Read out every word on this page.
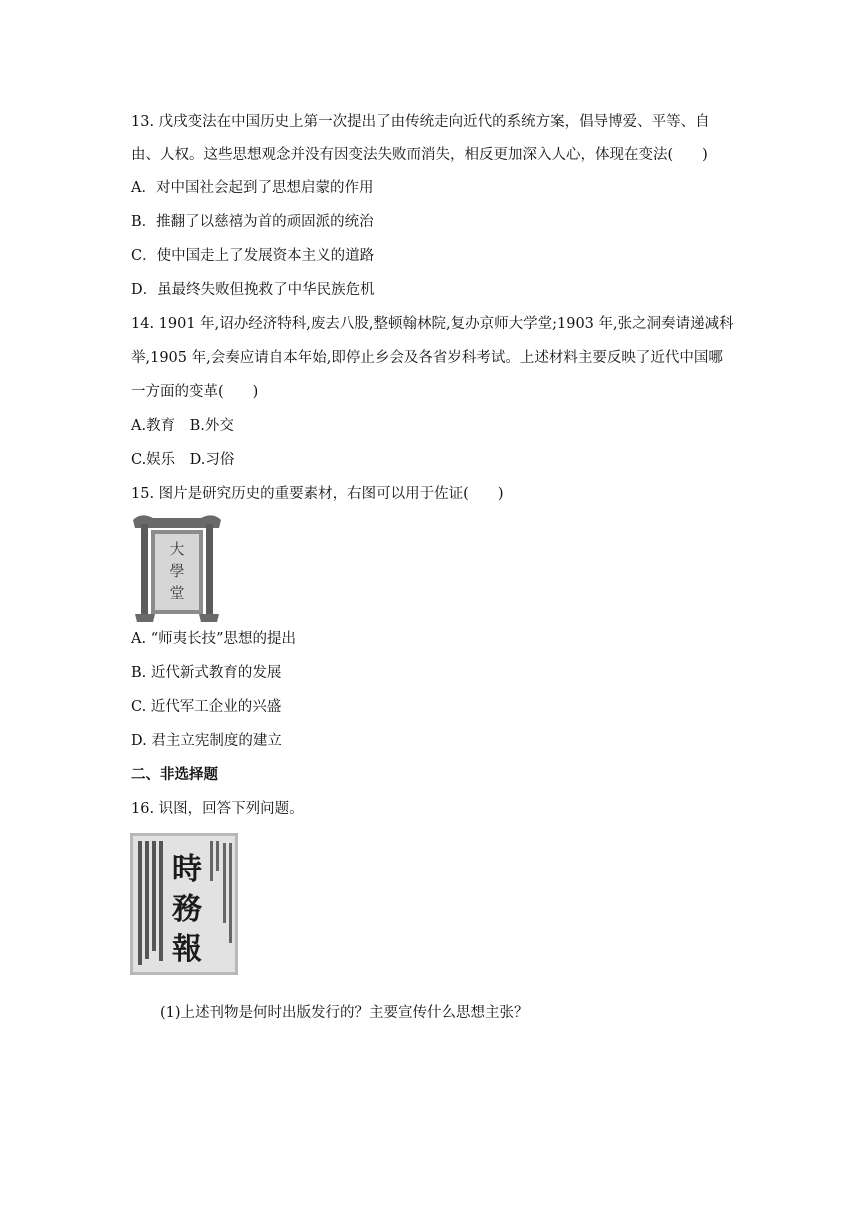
13. 戊戌变法在中国历史上第一次提出了由传统走向近代的系统方案，倡导博爱、平等、自
由、人权。这些思想观念并没有因变法失败而消失，相反更加深入人心，体现在变法(　　)
A．对中国社会起到了思想启蒙的作用
B．推翻了以慈禧为首的顽固派的统治
C．使中国走上了发展资本主义的道路
D．虽最终失败但挽救了中华民族危机
14. 1901 年,诏办经济特科,废去八股,整顿翰林院,复办京师大学堂;1903 年,张之洞奏请递减科
举,1905 年,会奏应请自本年始,即停止乡会及各省岁科考试。上述材料主要反映了近代中国哪
一方面的变革(　　)
A.教育　B.外交
C.娱乐　D.习俗
15. 图片是研究历史的重要素材，右图可以用于佐证(　　)
大
學
堂
A. “师夷长技”思想的提出
B. 近代新式教育的发展
C. 近代军工企业的兴盛
D. 君主立宪制度的建立
二、非选择题
16. 识图，回答下列问题。
時
務
報
(1)上述刊物是何时出版发行的？主要宣传什么思想主张？
